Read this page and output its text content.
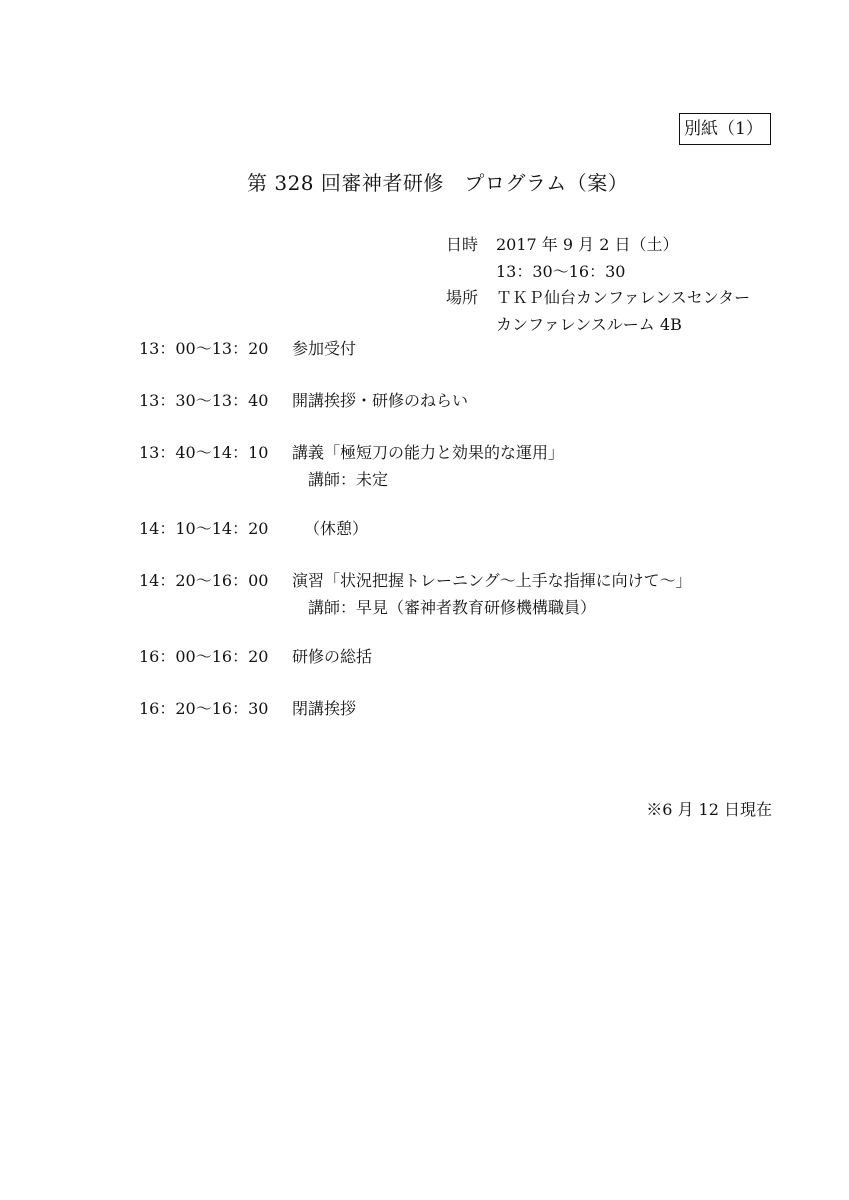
別紙（1）
第 328 回審神者研修　プログラム（案）
日時	2017 年 9 月 2 日（土）
13：30〜16：30
場所	ＴＫＰ仙台カンファレンスセンター
カンファレンスルーム 4B
13：00〜13：20	参加受付
13：30〜13：40	開講挨拶・研修のねらい
13：40〜14：10	講義「極短刀の能力と効果的な運用」
講師：未定
14：10〜14：20	（休憩）
14：20〜16：00	演習「状況把握トレーニング〜上手な指揮に向けて〜」
講師：早見（審神者教育研修機構職員）
16：00〜16：20	研修の総括
16：20〜16：30	閉講挨拶
※6 月 12 日現在
